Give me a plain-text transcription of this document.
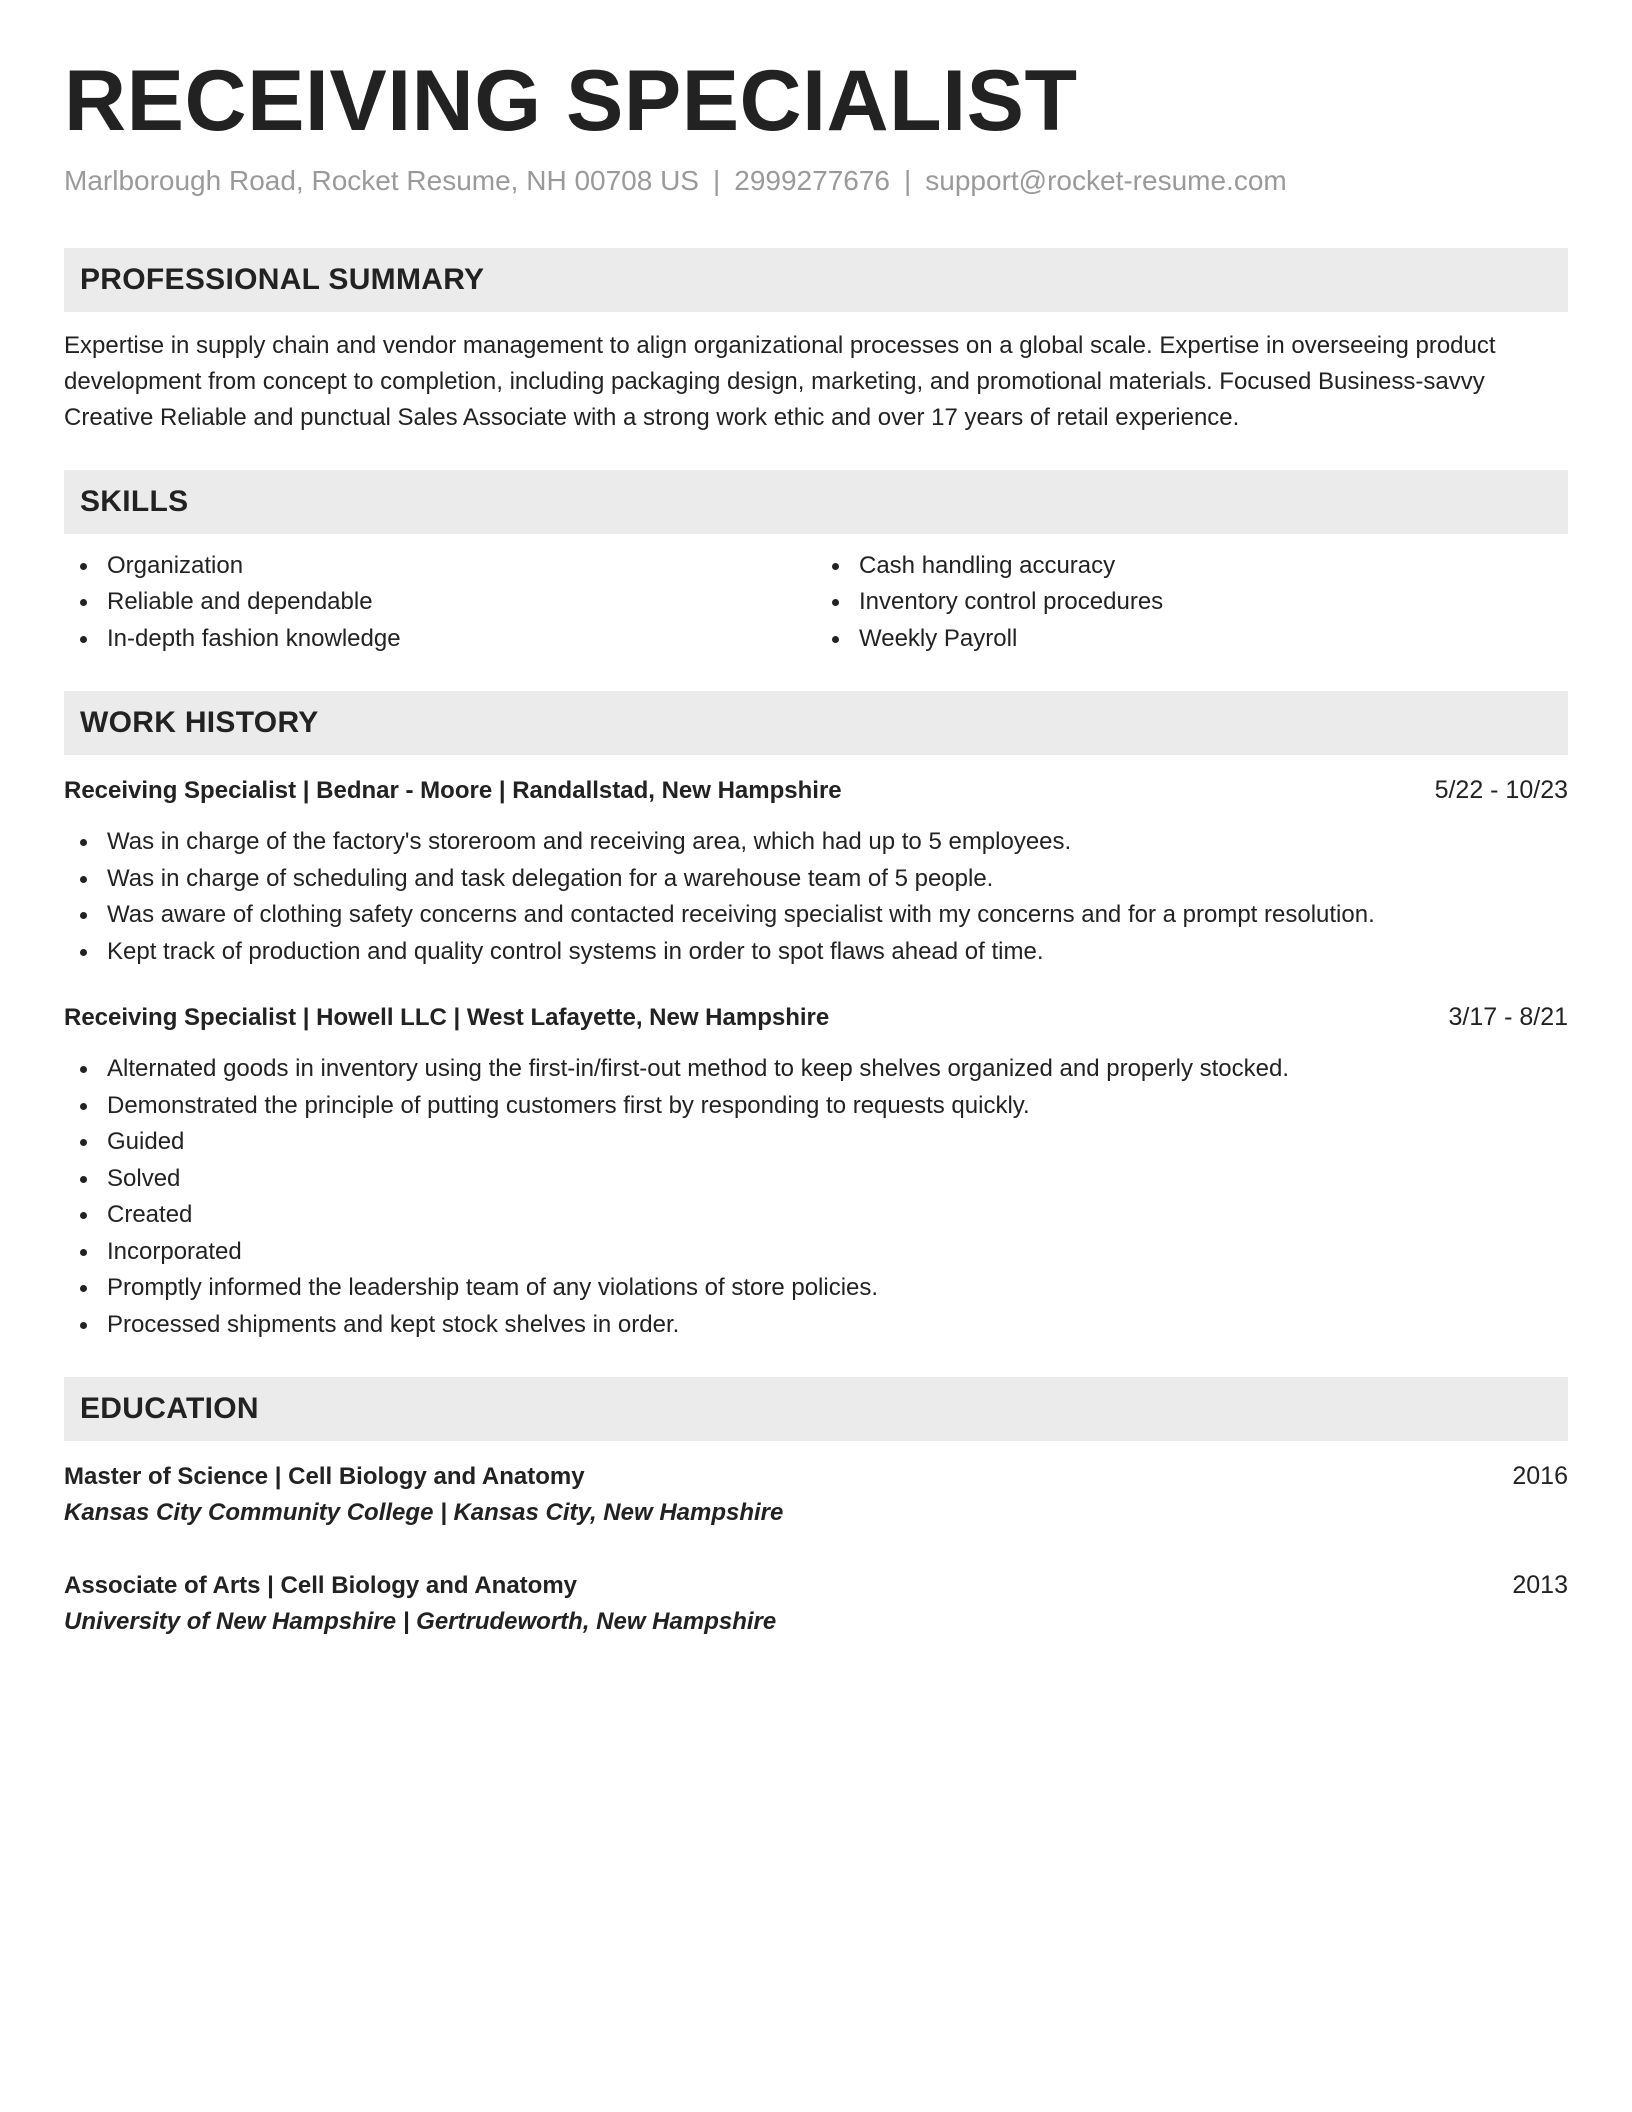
RECEIVING SPECIALIST
Marlborough Road, Rocket Resume, NH 00708 US | 2999277676 | support@rocket-resume.com
PROFESSIONAL SUMMARY
Expertise in supply chain and vendor management to align organizational processes on a global scale. Expertise in overseeing product development from concept to completion, including packaging design, marketing, and promotional materials. Focused Business-savvy Creative Reliable and punctual Sales Associate with a strong work ethic and over 17 years of retail experience.
SKILLS
Organization
Reliable and dependable
In-depth fashion knowledge
Cash handling accuracy
Inventory control procedures
Weekly Payroll
WORK HISTORY
Receiving Specialist | Bednar - Moore | Randallstad, New Hampshire	5/22 - 10/23
Was in charge of the factory's storeroom and receiving area, which had up to 5 employees.
Was in charge of scheduling and task delegation for a warehouse team of 5 people.
Was aware of clothing safety concerns and contacted receiving specialist with my concerns and for a prompt resolution.
Kept track of production and quality control systems in order to spot flaws ahead of time.
Receiving Specialist | Howell LLC | West Lafayette, New Hampshire	3/17 - 8/21
Alternated goods in inventory using the first-in/first-out method to keep shelves organized and properly stocked.
Demonstrated the principle of putting customers first by responding to requests quickly.
Guided
Solved
Created
Incorporated
Promptly informed the leadership team of any violations of store policies.
Processed shipments and kept stock shelves in order.
EDUCATION
Master of Science | Cell Biology and Anatomy	2016
Kansas City Community College | Kansas City, New Hampshire
Associate of Arts | Cell Biology and Anatomy	2013
University of New Hampshire | Gertrudeworth, New Hampshire
